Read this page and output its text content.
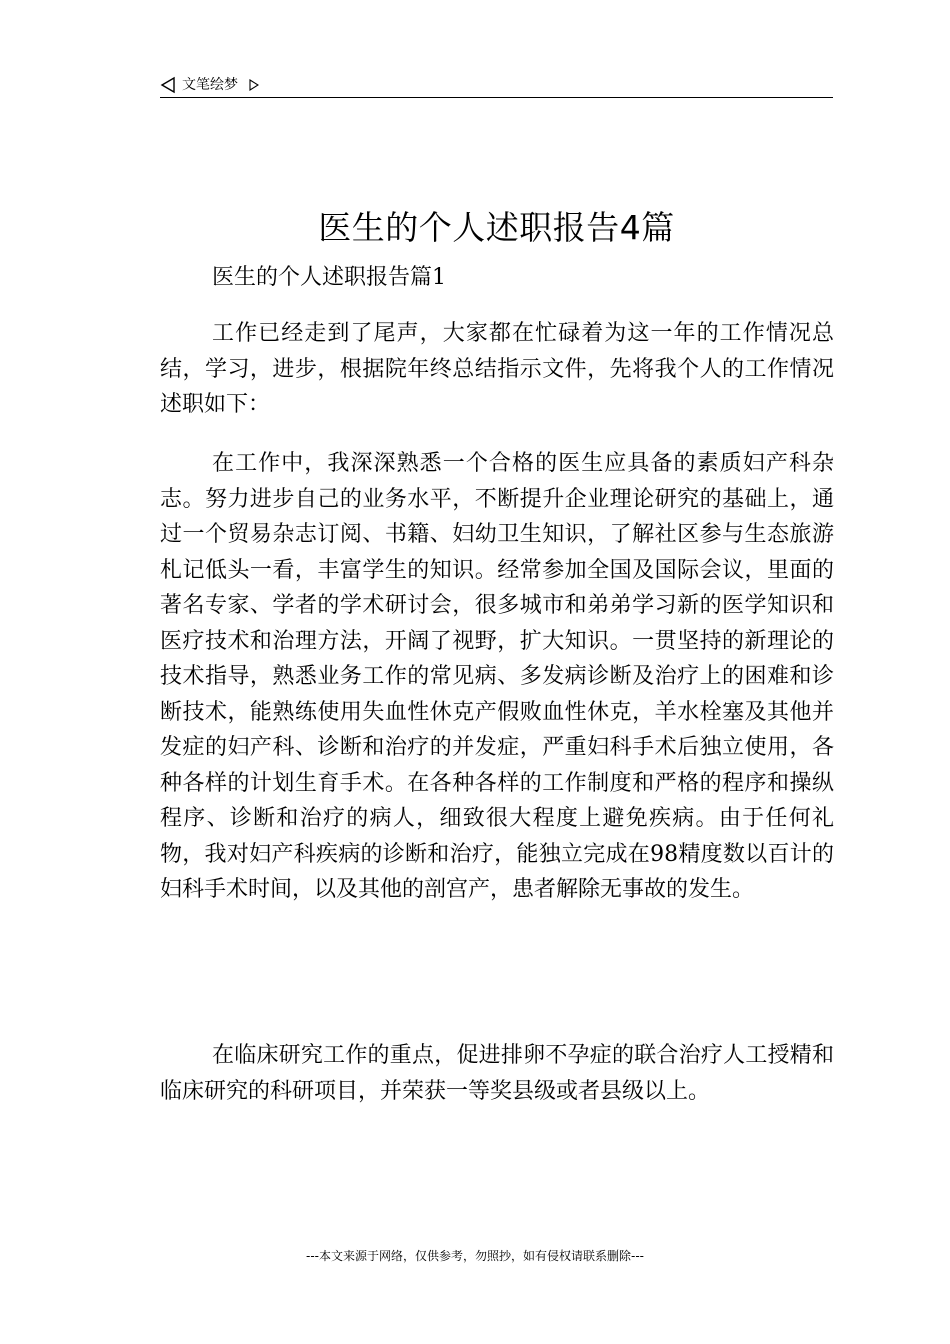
文笔绘梦
医生的个人述职报告4篇
医生的个人述职报告篇1

工作已经走到了尾声，大家都在忙碌着为这一年的工作情况总结，学习，进步，根据院年终总结指示文件，先将我个人的工作情况述职如下：

在工作中，我深深熟悉一个合格的医生应具备的素质妇产科杂志。努力进步自己的业务水平，不断提升企业理论研究的基础上，通过一个贸易杂志订阅、书籍、妇幼卫生知识，了解社区参与生态旅游札记低头一看，丰富学生的知识。经常参加全国及国际会议，里面的著名专家、学者的学术研讨会，很多城市和弟弟学习新的医学知识和医疗技术和治理方法，开阔了视野，扩大知识。一贯坚持的新理论的技术指导，熟悉业务工作的常见病、多发病诊断及治疗上的困难和诊断技术，能熟练使用失血性休克产假败血性休克，羊水栓塞及其他并发症的妇产科、诊断和治疗的并发症，严重妇科手术后独立使用，各种各样的计划生育手术。在各种各样的工作制度和严格的程序和操纵程序、诊断和治疗的病人，细致很大程度上避免疾病。由于任何礼物，我对妇产科疾病的诊断和治疗，能独立完成在98精度数以百计的妇科手术时间，以及其他的剖宫产，患者解除无事故的发生。

在临床研究工作的重点，促进排卵不孕症的联合治疗人工授精和临床研究的科研项目，并荣获一等奖县级或者县级以上。

---本文来源于网络，仅供参考，勿照抄，如有侵权请联系删除---
